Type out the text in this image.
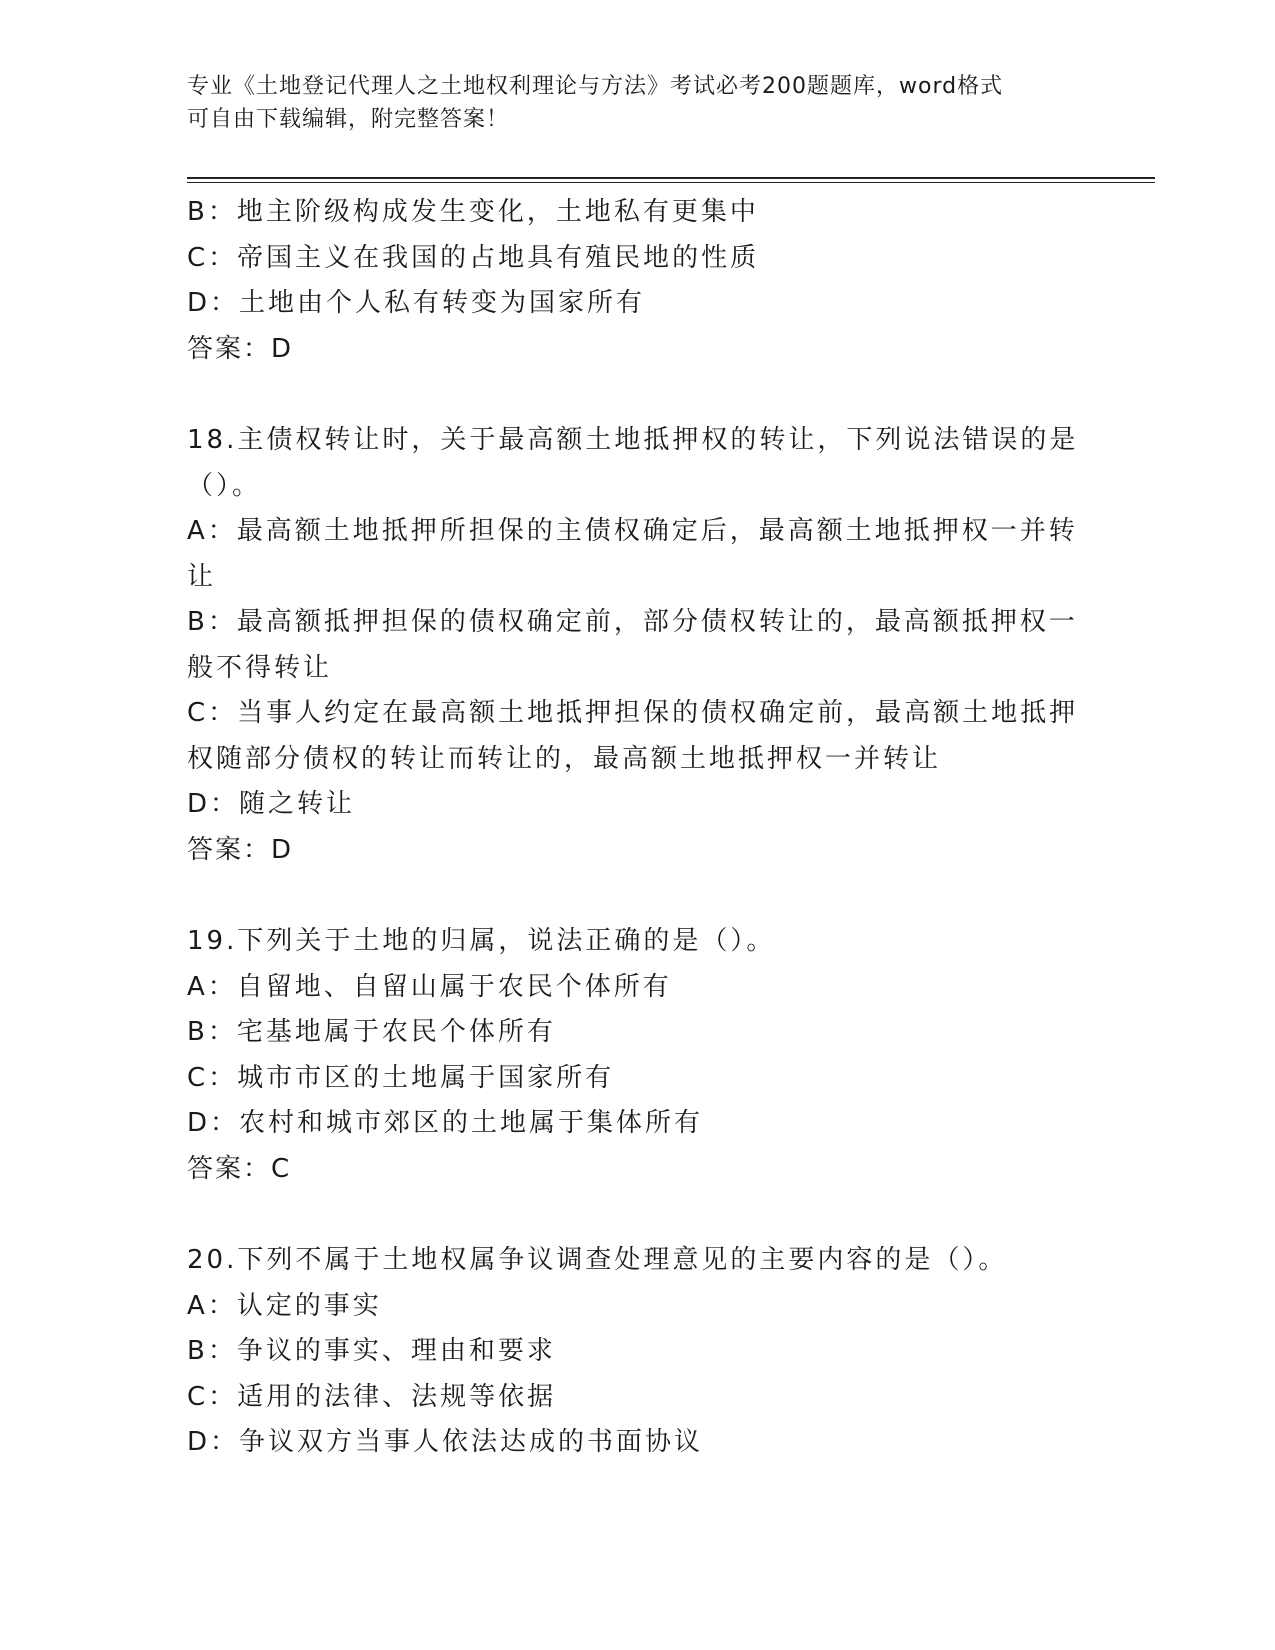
专业《土地登记代理人之土地权利理论与方法》考试必考200题题库，word格式
可自由下载编辑，附完整答案！
B：地主阶级构成发生变化，土地私有更集中
C：帝国主义在我国的占地具有殖民地的性质
D：土地由个人私有转变为国家所有
答案：D
18.主债权转让时，关于最高额土地抵押权的转让，下列说法错误的是
（）。
A：最高额土地抵押所担保的主债权确定后，最高额土地抵押权一并转
让
B：最高额抵押担保的债权确定前，部分债权转让的，最高额抵押权一
般不得转让
C：当事人约定在最高额土地抵押担保的债权确定前，最高额土地抵押
权随部分债权的转让而转让的，最高额土地抵押权一并转让
D：随之转让
答案：D
19.下列关于土地的归属，说法正确的是（）。
A：自留地、自留山属于农民个体所有
B：宅基地属于农民个体所有
C：城市市区的土地属于国家所有
D：农村和城市郊区的土地属于集体所有
答案：C
20.下列不属于土地权属争议调查处理意见的主要内容的是（）。
A：认定的事实
B：争议的事实、理由和要求
C：适用的法律、法规等依据
D：争议双方当事人依法达成的书面协议
